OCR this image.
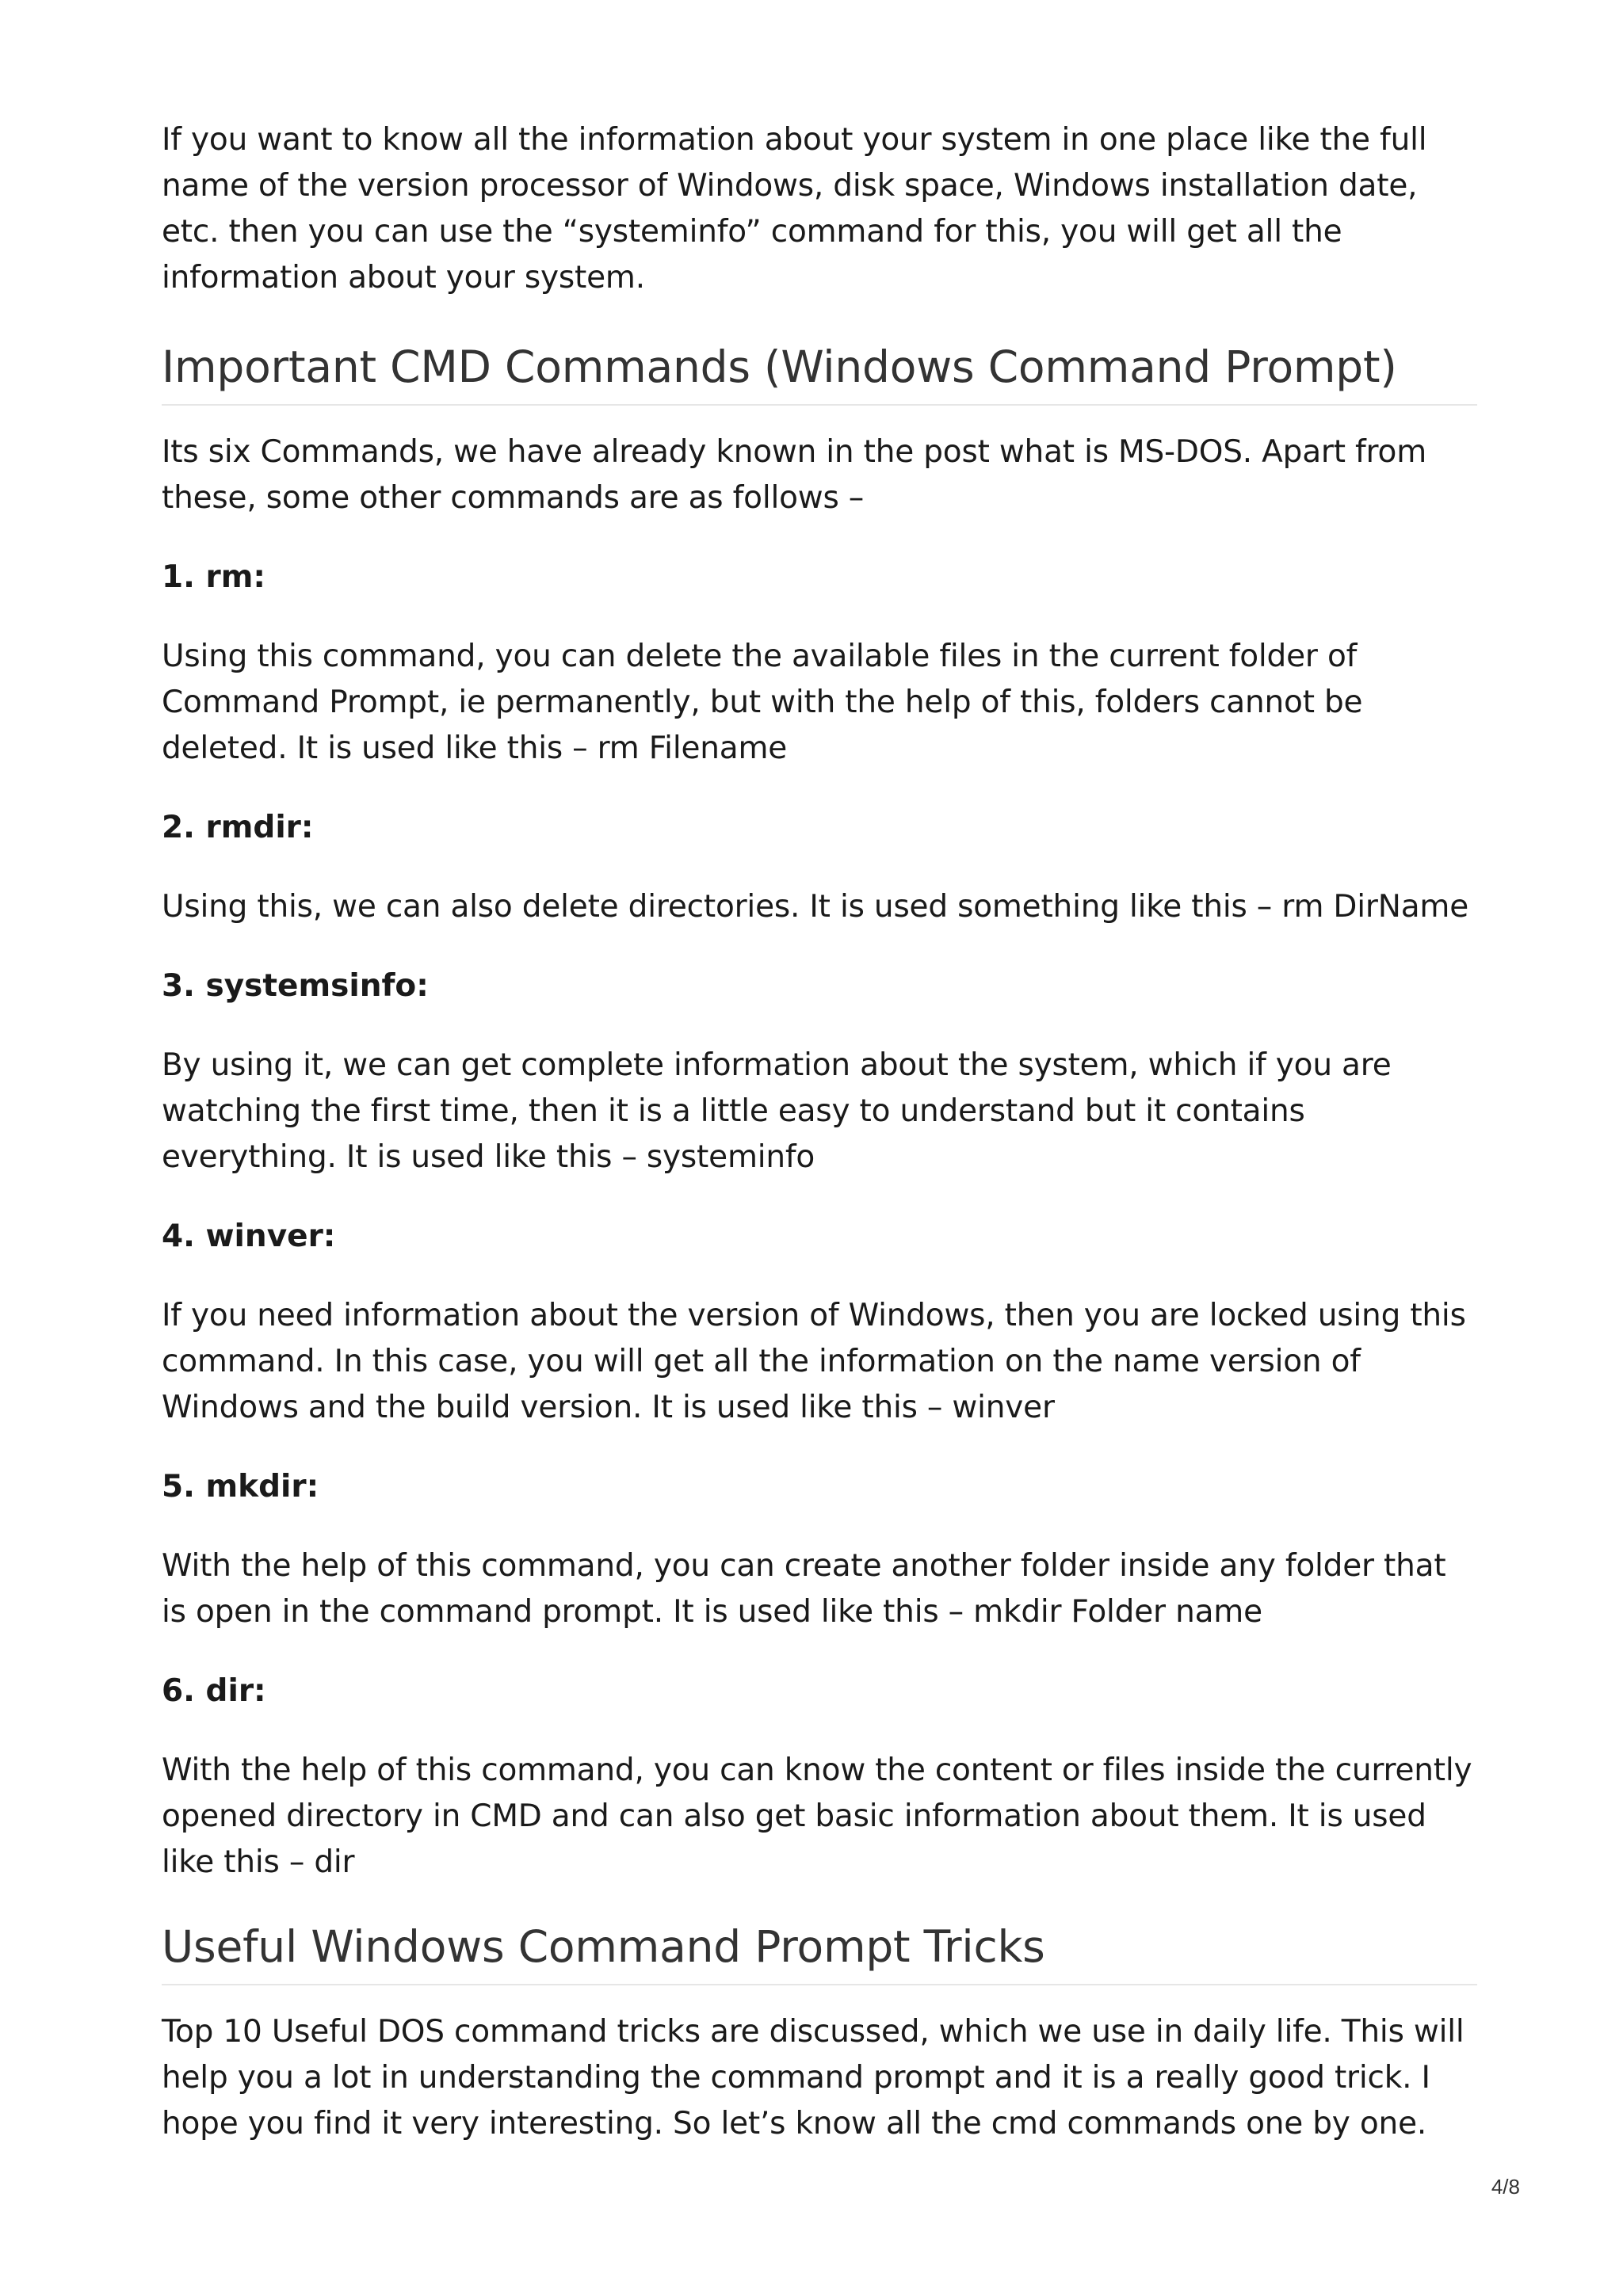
If you want to know all the information about your system in one place like the full name of the version processor of Windows, disk space, Windows installation date, etc. then you can use the “systeminfo” command for this, you will get all the information about your system.

Important CMD Commands (Windows Command Prompt)

Its six Commands, we have already known in the post what is MS-DOS. Apart from these, some other commands are as follows –

1. rm:

Using this command, you can delete the available files in the current folder of Command Prompt, ie permanently, but with the help of this, folders cannot be deleted. It is used like this – rm Filename

2. rmdir:

Using this, we can also delete directories. It is used something like this – rm DirName

3. systemsinfo:

By using it, we can get complete information about the system, which if you are watching the first time, then it is a little easy to understand but it contains everything. It is used like this – systeminfo

4. winver:

If you need information about the version of Windows, then you are locked using this command. In this case, you will get all the information on the name version of Windows and the build version. It is used like this – winver

5. mkdir:

With the help of this command, you can create another folder inside any folder that is open in the command prompt. It is used like this – mkdir Folder name

6. dir:

With the help of this command, you can know the content or files inside the currently opened directory in CMD and can also get basic information about them. It is used like this – dir

Useful Windows Command Prompt Tricks

Top 10 Useful DOS command tricks are discussed, which we use in daily life. This will help you a lot in understanding the command prompt and it is a really good trick. I hope you find it very interesting. So let’s know all the cmd commands one by one.

4/8
